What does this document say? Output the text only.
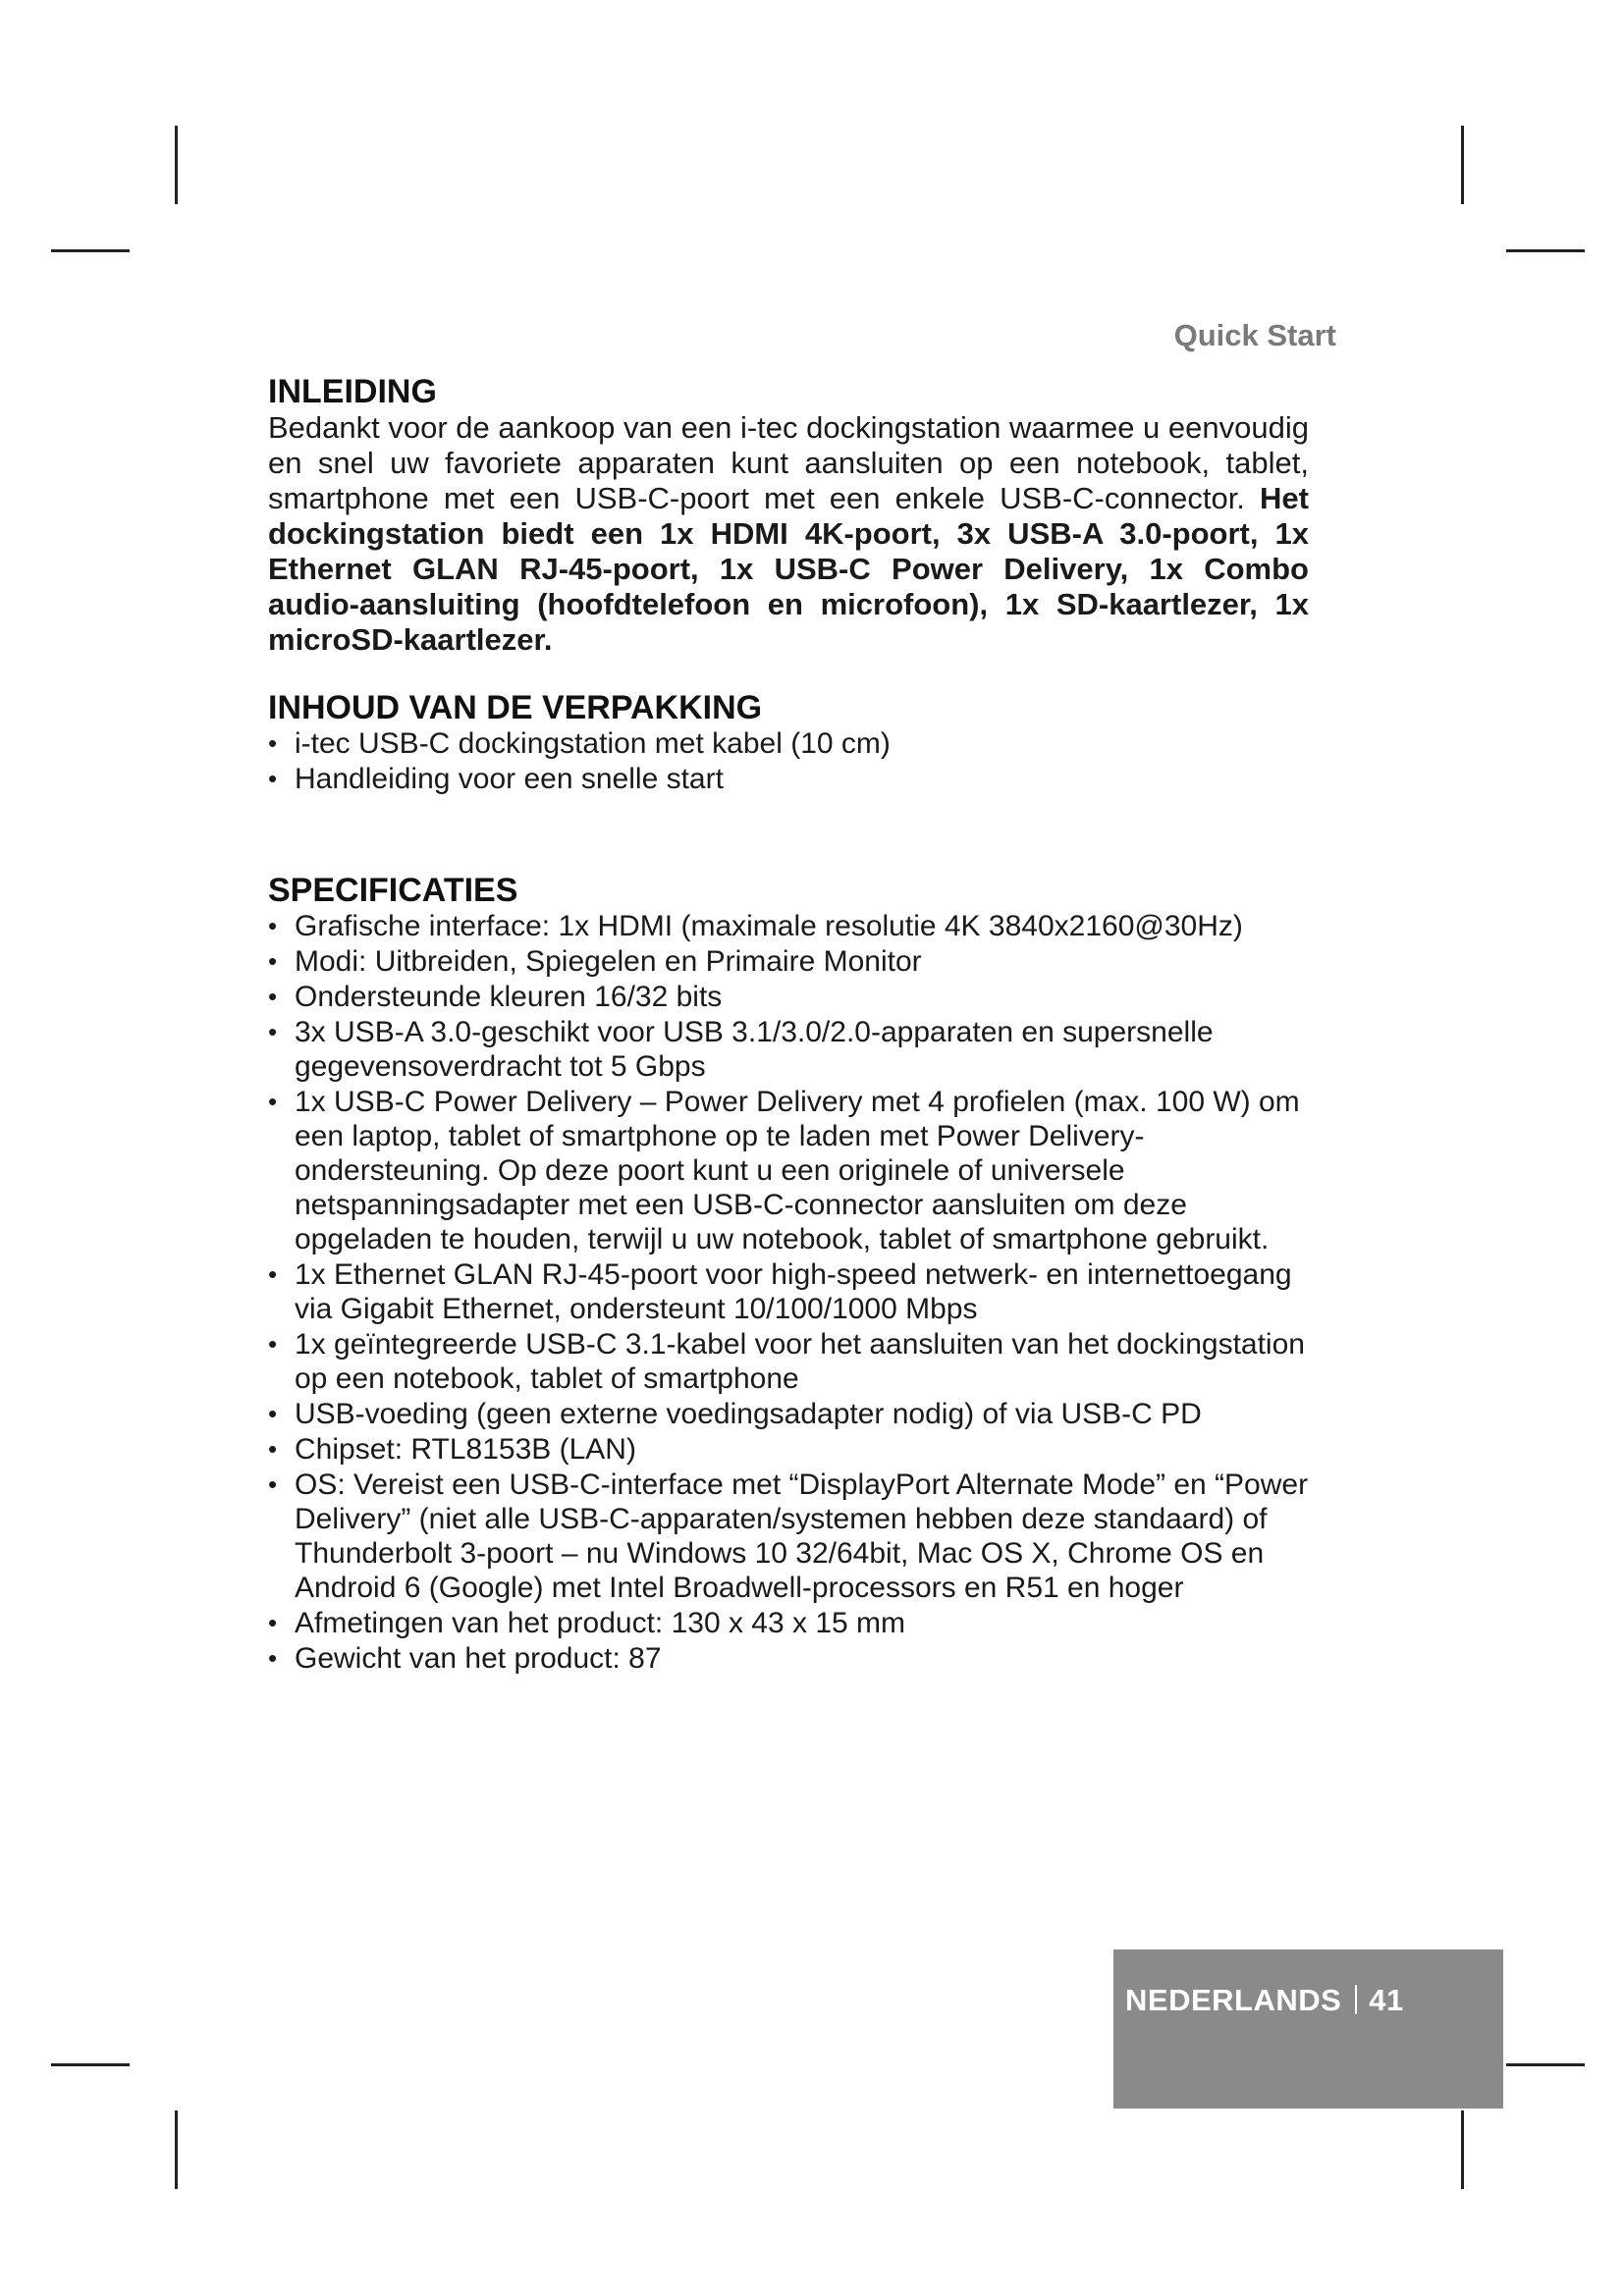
Quick Start
INLEIDING

Bedankt voor de aankoop van een i-tec dockingstation waarmee u eenvoudig en snel uw favoriete apparaten kunt aansluiten op een notebook, tablet, smartphone met een USB-C-poort met een enkele USB-C-connector. Het dockingstation biedt een 1x HDMI 4K-poort, 3x USB-A 3.0-poort, 1x Ethernet GLAN RJ-45-poort, 1x USB-C Power Delivery, 1x Combo audio-aansluiting (hoofdtelefoon en microfoon), 1x SD-kaartlezer, 1x microSD-kaartlezer.

INHOUD VAN DE VERPAKKING
• i-tec USB-C dockingstation met kabel (10 cm)
• Handleiding voor een snelle start
SPECIFICATIES
• Grafische interface: 1x HDMI (maximale resolutie 4K 3840x2160@30Hz)
• Modi: Uitbreiden, Spiegelen en Primaire Monitor
• Ondersteunde kleuren 16/32 bits
• 3x USB-A 3.0-geschikt voor USB 3.1/3.0/2.0-apparaten en supersnelle gegevensoverdracht tot 5 Gbps
• 1x USB-C Power Delivery – Power Delivery met 4 profielen (max. 100 W) om een laptop, tablet of smartphone op te laden met Power Delivery-ondersteuning. Op deze poort kunt u een originele of universele netspanningsadapter met een USB-C-connector aansluiten om deze opgeladen te houden, terwijl u uw notebook, tablet of smartphone gebruikt.
• 1x Ethernet GLAN RJ-45-poort voor high-speed netwerk- en internettoegang via Gigabit Ethernet, ondersteunt 10/100/1000 Mbps
• 1x geïntegreerde USB-C 3.1-kabel voor het aansluiten van het dockingstation op een notebook, tablet of smartphone
• USB-voeding (geen externe voedingsadapter nodig) of via USB-C PD
• Chipset: RTL8153B (LAN)
• OS: Vereist een USB-C-interface met “DisplayPort Alternate Mode” en “Power Delivery” (niet alle USB-C-apparaten/systemen hebben deze standaard) of Thunderbolt 3-poort – nu Windows 10 32/64bit, Mac OS X, Chrome OS en Android 6 (Google) met Intel Broadwell-processors en R51 en hoger
• Afmetingen van het product: 130 x 43 x 15 mm
• Gewicht van het product: 87
NEDERLANDS 41
